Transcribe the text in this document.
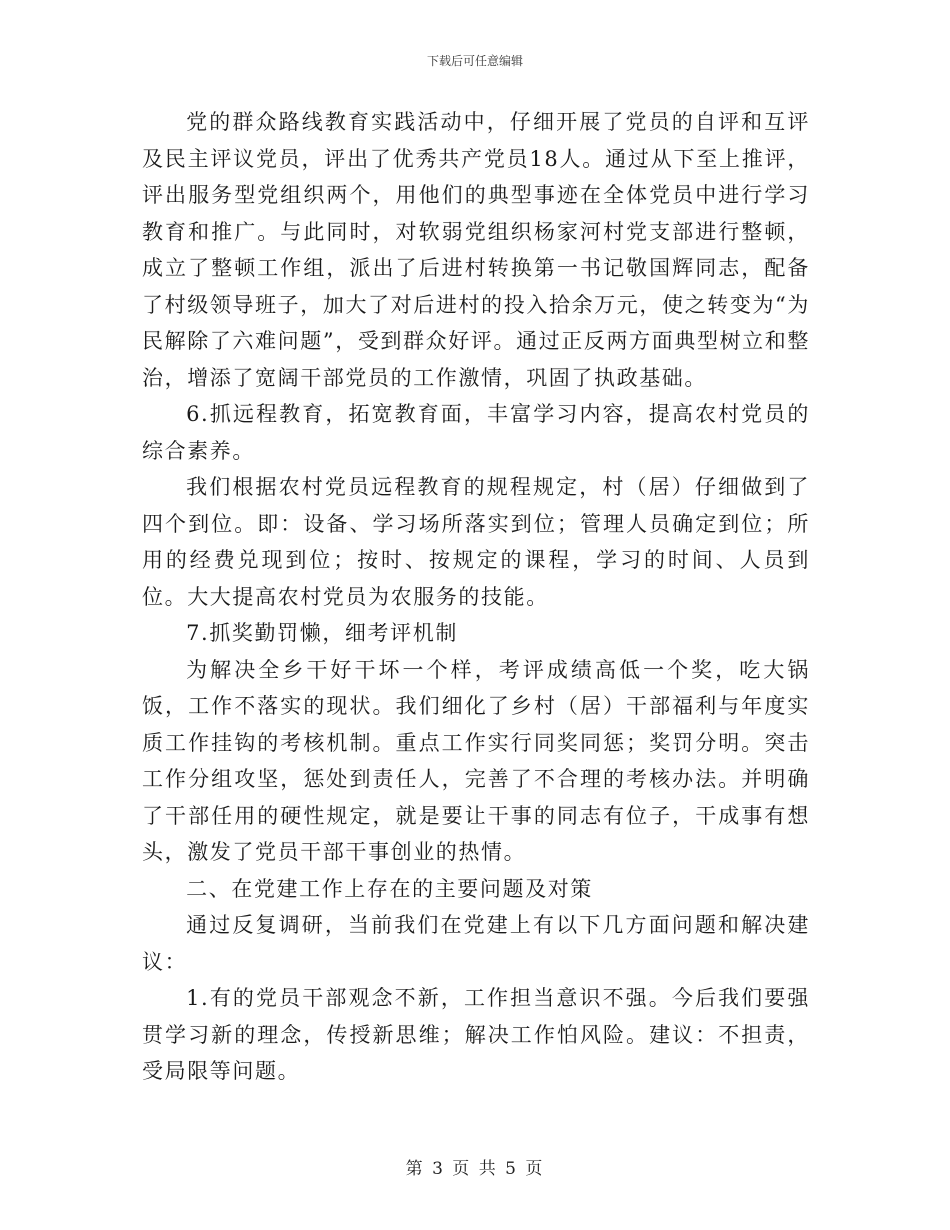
下载后可任意编辑

党的群众路线教育实践活动中，仔细开展了党员的自评和互评及民主评议党员，评出了优秀共产党员18人。通过从下至上推评，评出服务型党组织两个，用他们的典型事迹在全体党员中进行学习教育和推广。与此同时，对软弱党组织杨家河村党支部进行整顿，成立了整顿工作组，派出了后进村转换第一书记敬国辉同志，配备了村级领导班子，加大了对后进村的投入拾余万元，使之转变为“为民解除了六难问题”，受到群众好评。通过正反两方面典型树立和整治，增添了宽阔干部党员的工作激情，巩固了执政基础。

6.抓远程教育，拓宽教育面，丰富学习内容，提高农村党员的综合素养。

我们根据农村党员远程教育的规程规定，村（居）仔细做到了四个到位。即：设备、学习场所落实到位；管理人员确定到位；所用的经费兑现到位；按时、按规定的课程，学习的时间、人员到位。大大提高农村党员为农服务的技能。

7.抓奖勤罚懒，细考评机制

为解决全乡干好干坏一个样，考评成绩高低一个奖，吃大锅饭，工作不落实的现状。我们细化了乡村（居）干部福利与年度实质工作挂钩的考核机制。重点工作实行同奖同惩；奖罚分明。突击工作分组攻坚，惩处到责任人，完善了不合理的考核办法。并明确了干部任用的硬性规定，就是要让干事的同志有位子，干成事有想头，激发了党员干部干事创业的热情。

二、在党建工作上存在的主要问题及对策

通过反复调研，当前我们在党建上有以下几方面问题和解决建议：

1.有的党员干部观念不新，工作担当意识不强。今后我们要强贯学习新的理念，传授新思维；解决工作怕风险。建议：不担责，受局限等问题。

第 3 页 共 5 页
